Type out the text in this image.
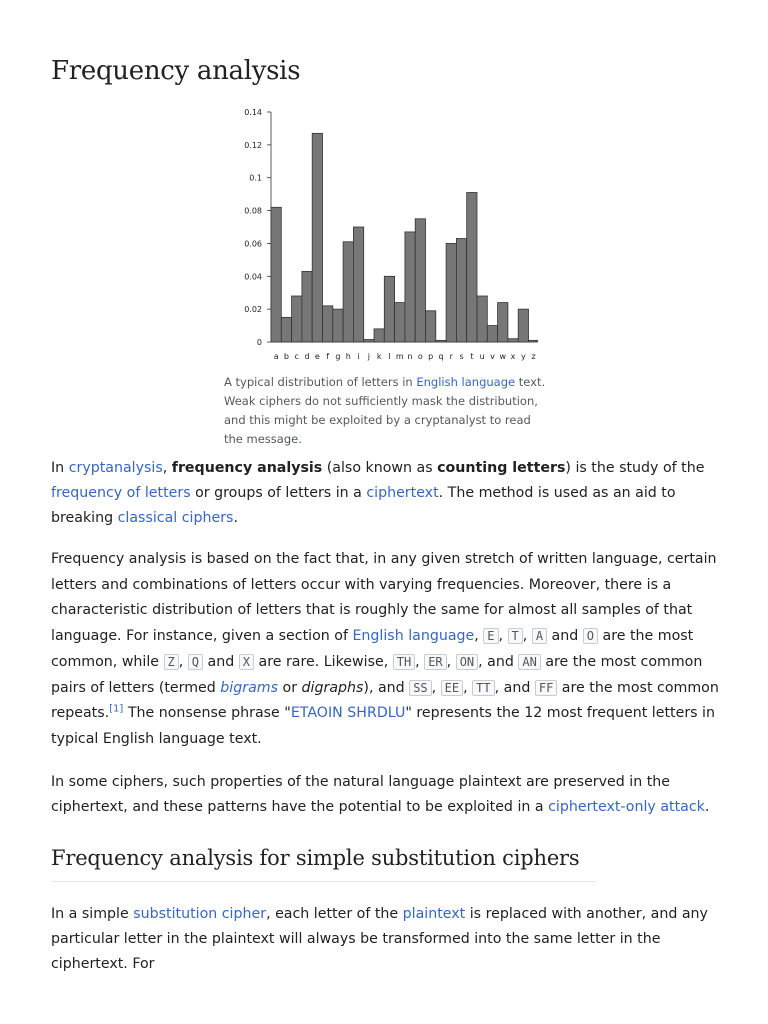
Frequency analysis
0
0.02
0.04
0.06
0.08
0.1
0.12
0.14
a b c d e f g h i j k l m n o p q r s t u v w x y z

A typical distribution of letters in English language text. Weak ciphers do not sufficiently mask the distribution, and this might be exploited by a cryptanalyst to read the message.

In cryptanalysis, frequency analysis (also known as counting letters) is the study of the frequency of letters or groups of letters in a ciphertext. The method is used as an aid to breaking classical ciphers.

Frequency analysis is based on the fact that, in any given stretch of written language, certain letters and combinations of letters occur with varying frequencies. Moreover, there is a characteristic distribution of letters that is roughly the same for almost all samples of that language. For instance, given a section of English language, E , T , A and O are the most common, while Z , Q and X are rare. Likewise, TH , ER , ON , and AN are the most common pairs of letters (termed bigrams or digraphs), and SS , EE , TT , and FF are the most common repeats.[1] The nonsense phrase "ETAOIN SHRDLU" represents the 12 most frequent letters in typical English language text.

In some ciphers, such properties of the natural language plaintext are preserved in the ciphertext, and these patterns have the potential to be exploited in a ciphertext-only attack.

Frequency analysis for simple substitution ciphers

In a simple substitution cipher, each letter of the plaintext is replaced with another, and any particular letter in the plaintext will always be transformed into the same letter in the ciphertext. For
